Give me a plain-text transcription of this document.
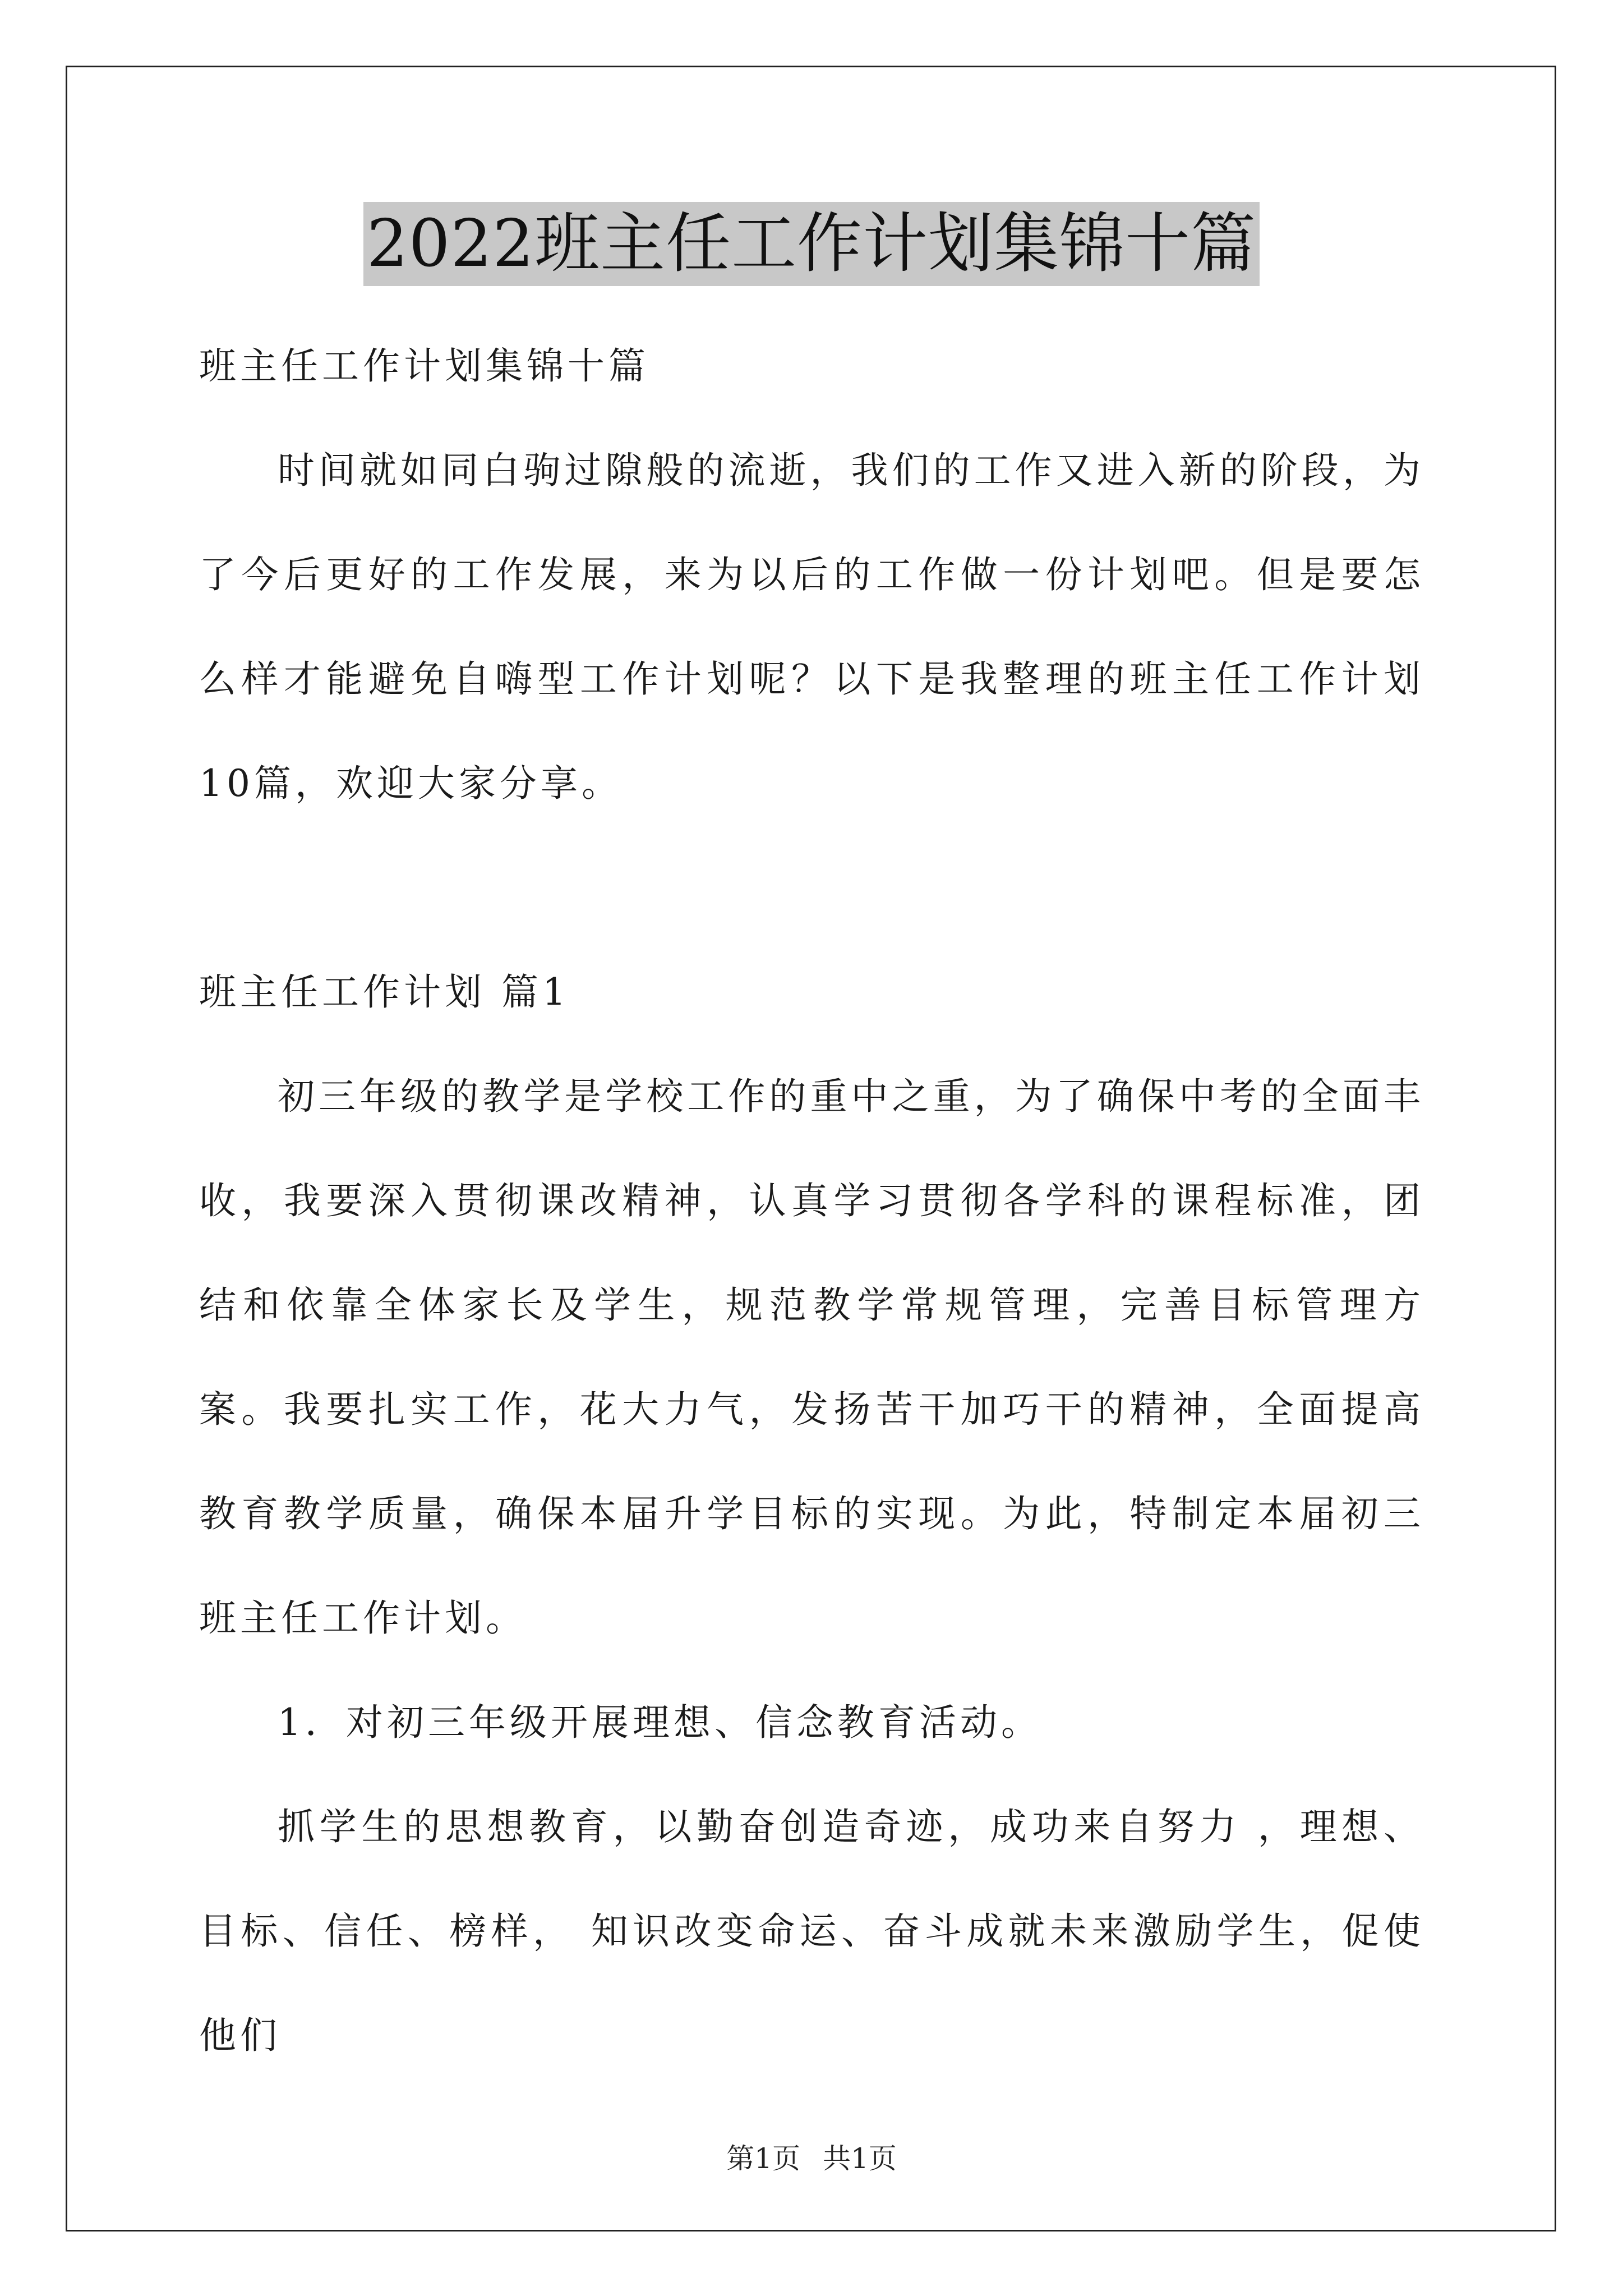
2022班主任工作计划集锦十篇

班主任工作计划集锦十篇

时间就如同白驹过隙般的流逝，我们的工作又进入新的阶段，为了今后更好的工作发展，来为以后的工作做一份计划吧。但是要怎么样才能避免自嗨型工作计划呢？以下是我整理的班主任工作计划10篇，欢迎大家分享。

班主任工作计划 篇1

初三年级的教学是学校工作的重中之重，为了确保中考的全面丰收，我要深入贯彻课改精神，认真学习贯彻各学科的课程标准，团结和依靠全体家长及学生，规范教学常规管理，完善目标管理方案。我要扎实工作，花大力气，发扬苦干加巧干的精神，全面提高教育教学质量，确保本届升学目标的实现。为此，特制定本届初三班主任工作计划。

1．对初三年级开展理想、信念教育活动。

抓学生的思想教育，以勤奋创造奇迹，成功来自努力 ，理想、目标、信任、榜样， 知识改变命运、奋斗成就未来激励学生，促使他们

第1页 共1页
